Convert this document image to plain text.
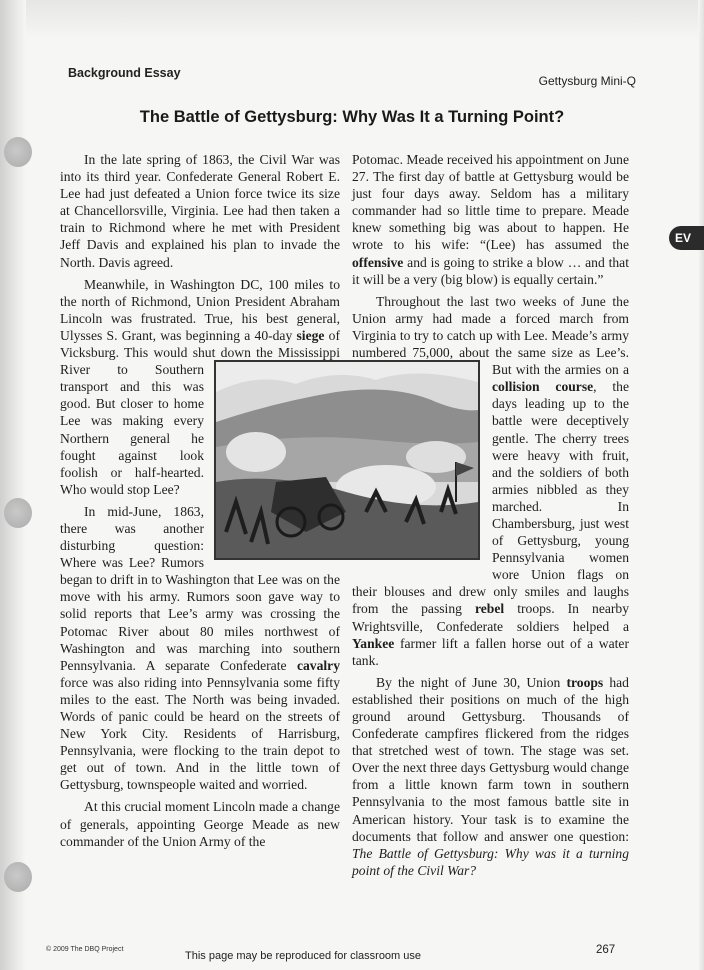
Background Essay
Gettysburg Mini-Q
The Battle of Gettysburg: Why Was It a Turning Point?
EV

In the late spring of 1863, the Civil War was into its third year. Confederate General Robert E. Lee had just defeated a Union force twice its size at Chancellorsville, Virginia. Lee had then taken a train to Richmond where he met with President Jeff Davis and explained his plan to invade the North. Davis agreed.

Meanwhile, in Washington DC, 100 miles to the north of Richmond, Union President Abraham Lincoln was frustrated. True, his best general, Ulysses S. Grant, was beginning a 40-day siege of Vicksburg. This would shut down the Mississippi
River to Southern transport and this was good. But closer to home Lee was making every Northern general he fought against look foolish or half-hearted. Who would stop Lee?

In mid-June, 1863, there was another disturbing question: Where was Lee? Rumors began to drift in to Washington that Lee was on the move with his army. Rumors soon gave way to solid reports that Lee’s army was crossing the Potomac River about 80 miles northwest of Washington and was marching into southern Pennsylvania. A separate Confederate cavalry force was also riding into Pennsylvania some fifty miles to the east. The North was being invaded. Words of panic could be heard on the streets of New York City. Residents of Harrisburg, Pennsylvania, were flocking to the train depot to get out of town. And in the little town of Gettysburg, townspeople waited and worried.

At this crucial moment Lincoln made a change of generals, appointing George Meade as new commander of the Union Army of the

Potomac. Meade received his appointment on June 27. The first day of battle at Gettysburg would be just four days away. Seldom has a military commander had so little time to prepare. Meade knew something big was about to happen. He wrote to his wife: “(Lee) has assumed the offensive and is going to strike a blow … and that it will be a very (big blow) is equally certain.”

Throughout the last two weeks of June the Union army had made a forced march from Virginia to try to catch up with Lee. Meade’s army numbered 75,000, about the same size as Lee’s.
But with the armies on a collision course, the days leading up to the battle were deceptively gentle. The cherry trees were heavy with fruit, and the soldiers of both armies nibbled as they marched. In Chambersburg, just west of Gettysburg, young Pennsylvania women wore Union flags on their blouses and drew only smiles and laughs from the passing rebel troops. In nearby Wrightsville, Confederate soldiers helped a Yankee farmer lift a fallen horse out of a water tank.

By the night of June 30, Union troops had established their positions on much of the high ground around Gettysburg. Thousands of Confederate campfires flickered from the ridges that stretched west of town. The stage was set. Over the next three days Gettysburg would change from a little known farm town in southern Pennsylvania to the most famous battle site in American history. Your task is to examine the documents that follow and answer one question: The Battle of Gettysburg: Why was it a turning point of the Civil War?

© 2009 The DBQ Project
This page may be reproduced for classroom use	267
